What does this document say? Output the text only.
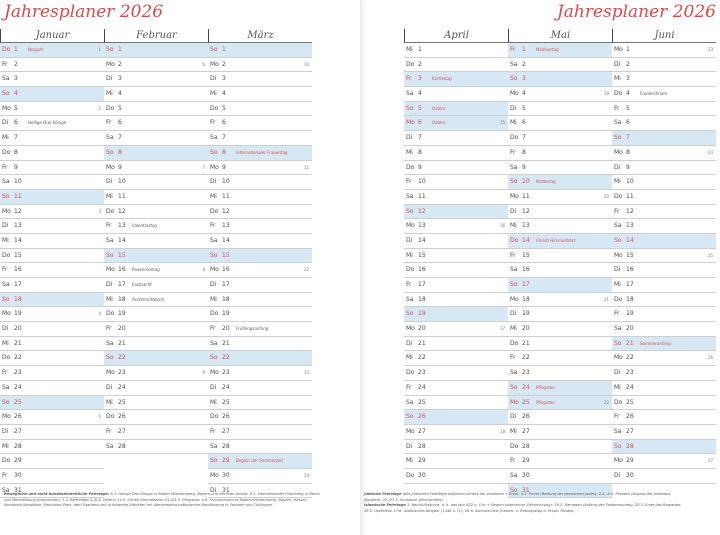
Jahresplaner 2026
Januar
Do 1	Neujahr	1
Fr	2
Sa 3
So 4
Mo 5	2
Di 6	Heilige Drei Könige
Mi 7
Do 8
Fr	9
Sa 10
So 11
Mo 12	3
Di 13
Mi 14
Do 15
Fr	16
Sa 17
So 18
Mo 19	4
Di 20
Mi 21
Do 22
Fr	23
Sa 24
So 25
Mo 26	5
Di 27
Mi 28
Do 29
Fr	30
Sa 31
Februar
So 1
Mo 2	6
Di 3
Mi 4
Do 5
Fr	6
Sa 7
So 8
Mo 9	7
Di 10
Mi 11
Do 12
Fr	13 Valentinstag
Sa 14
So 15
Mo 16 Rosenmontag	8
Di 17 Fastnacht
Mi 18 Aschermittwoch
Do 19
Fr	20
Sa 21
So 22
Mo 23	9
Di 24
Mi 25
Do 26
Fr	27
Sa 28
März
So 1
Mo 2	10
Di 3
Mi 4
Do 5
Fr	6
Sa 7
So 8	Internationaler Frauentag
Mo 9	11
Di 10
Mi 11
Do 12
Fr	13
Sa 14
So 15
Mo 16	12
Di 17
Mi 18
Do 19
Fr	20 Frühlingsanfang
Sa 21
So 22
Mo 23	13
Di 24
Mi 25
Do 26
Fr	27
Sa 28
So 29 Beginn der Sommerzeit
Mo 30	14
Di 31
Bewegliche und nicht bundeseinheitliche Feiertage: 6.1. Heilige Drei Könige in Baden-Württemberg, Bayern und Sachsen-Anhalt; 8.3. Internationaler Frauentag in Berlin und Mecklenburg-Vorpommern; 3.4. Karfreitag; 5./6.4. Ostern; 14.5. Christi Himmelfahrt; 24./25.5. Pfingsten; 4.6. Fronleichnam in Baden-Württemberg, Bayern, Hessen, Nordrhein-Westfalen, Rheinland-Pfalz, dem Saarland und in teilweise Gebieten mit überwiegend katholischer Bevölkerung in Sachsen und Thüringen.
Jahresplaner 2026
April
Mi 1
Do 2
Fr	3	Karfreitag
Sa 4
So 5	Ostern
Mo 6	Ostern	15
Di 7
Mi 8
Do 9
Fr	10
Sa 11
So 12
Mo 13	16
Di 14
Mi 15
Do 16
Fr	17
Sa 18
So 19
Mo 20	17
Di 21
Mi 22
Do 23
Fr	24
Sa 25
So 26
Mo 27	18
Di 28
Mi 29
Do 30
Mai
Fr	1	Maifeiertag
Sa 2
So 3
Mo 4	19
Di 5
Mi 6
Do 7
Fr	8
Sa 9
So 10 Muttertag
Mo 11	20
Di 12
Mi 13
Do 14 Christi Himmelfahrt
Fr	15
Sa 16
So 17
Mo 18	21
Di 19
Mi 20
Do 21
Fr	22
Sa 23
So 24 Pfingsten
Mo 25 Pfingsten	22
Di 26
Mi 27
Do 28
Fr	29
Sa 30
So 31
Juni
Mo 1	23
Di 2
Mi 3
Do 4	Fronleichnam
Fr	5
Sa 6
So 7
Mo 8	24
Di 9
Mi 10
Do 11
Fr	12
Sa 13
So 14
Mo 15	25
Di 16
Mi 17
Do 18
Fr	19
Sa 20
So 21 Sommeranfang
Mo 22	26
Di 23
Mi 24
Do 25
Fr	26
Sa 27
So 28
Mo 29	27
Di 30
Jüdische Feiertage (alle jüdischen Feiertage beginnen bereits am Vorabend + Erev): 3.3. Purim (Rettung der persischen Juden); 2.4.–9.4. Pessach (Auszug der Judenaus Ägypten); 22./23.5. Schawuot (Wochenfest).
Islamische Feiertage 1. Nacht-Hidschra, d. h. das Jahr 622 n. Chr. + Beginn islamischer Zeitrechnung); 19.2. Ramadan (Anfang des Fastenmonats); 20.3. Ende des Ramadan; 26.5. Opferfest; 17.6. Islamisches Neujahr (1448 n. H.); 26.6. Aschura-Fest (Fasten- u. Rettungstag d. Proph. Moses).
